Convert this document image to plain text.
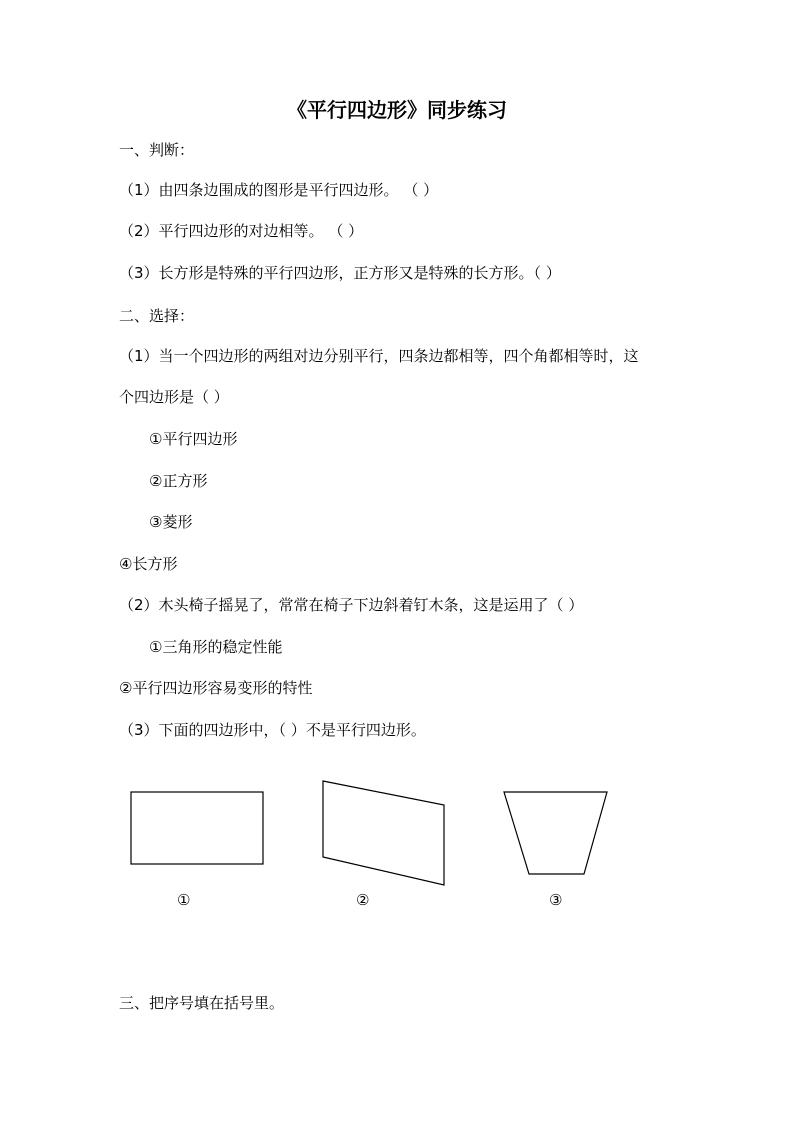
《平行四边形》同步练习
一、判断：
（1）由四条边围成的图形是平行四边形。 （ ）
（2）平行四边形的对边相等。 （ ）
（3）长方形是特殊的平行四边形，正方形又是特殊的长方形。（ ）
二、选择：
（1）当一个四边形的两组对边分别平行，四条边都相等，四个角都相等时，这
个四边形是（ ）
①平行四边形
②正方形
③菱形
④长方形
（2）木头椅子摇晃了，常常在椅子下边斜着钉木条，这是运用了（ ）
①三角形的稳定性能
②平行四边形容易变形的特性
（3）下面的四边形中，（ ）不是平行四边形。
①	②	③
三、把序号填在括号里。
